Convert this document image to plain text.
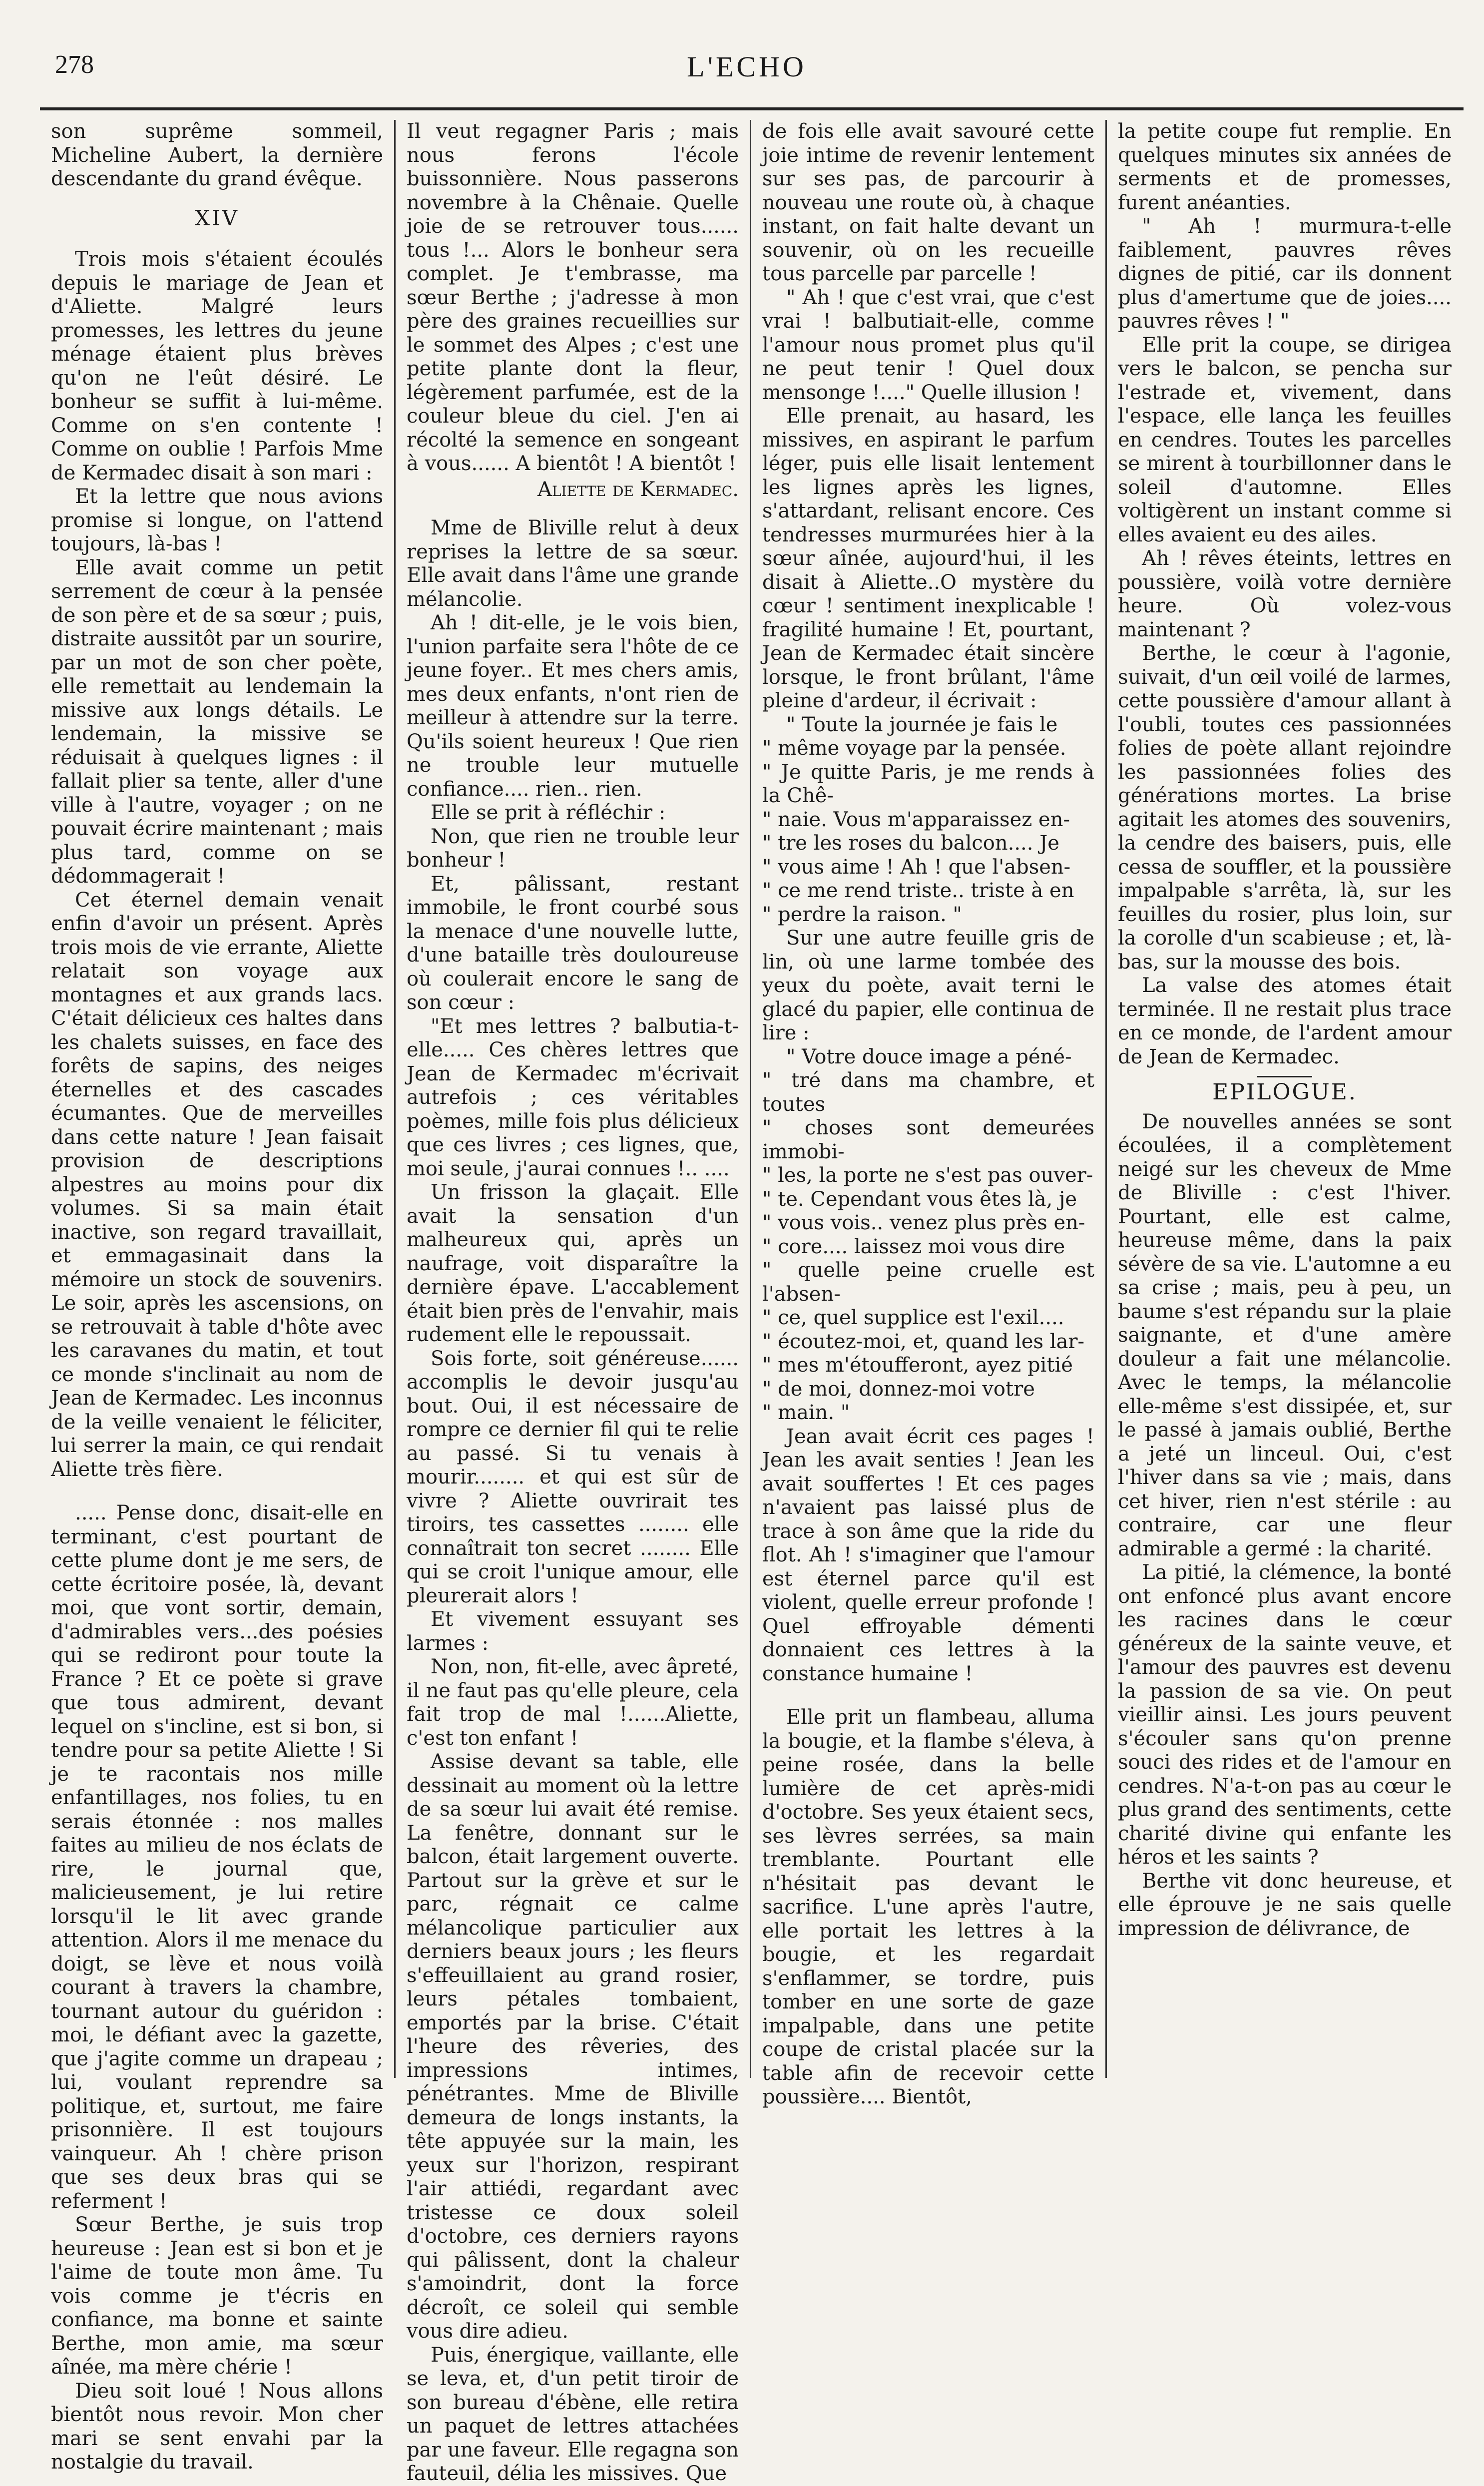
278	L'ECHO

son suprême sommeil, Micheline Aubert, la dernière descendante du grand évêque.

XIV

Trois mois s'étaient écoulés depuis le mariage de Jean et d'Aliette. Malgré leurs promesses, les lettres du jeune ménage étaient plus brèves qu'on ne l'eût désiré. Le bonheur se suffit à lui-même. Comme on s'en contente ! Comme on oublie ! Parfois Mme de Kermadec disait à son mari :

Et la lettre que nous avions promise si longue, on l'attend toujours, là-bas !

Elle avait comme un petit serrement de cœur à la pensée de son père et de sa sœur ; puis, distraite aussitôt par un sourire, par un mot de son cher poète, elle remettait au lendemain la missive aux longs détails. Le lendemain, la missive se réduisait à quelques lignes : il fallait plier sa tente, aller d'une ville à l'autre, voyager ; on ne pouvait écrire maintenant ; mais plus tard, comme on se dédommagerait !

Cet éternel demain venait enfin d'avoir un présent. Après trois mois de vie errante, Aliette relatait son voyage aux montagnes et aux grands lacs. C'était délicieux ces haltes dans les chalets suisses, en face des forêts de sapins, des neiges éternelles et des cascades écumantes. Que de merveilles dans cette nature ! Jean faisait provision de descriptions alpestres au moins pour dix volumes. Si sa main était inactive, son regard travaillait, et emmagasinait dans la mémoire un stock de souvenirs. Le soir, après les ascensions, on se retrouvait à table d'hôte avec les caravanes du matin, et tout ce monde s'inclinait au nom de Jean de Kermadec. Les inconnus de la veille venaient le féliciter, lui serrer la main, ce qui rendait Aliette très fière.

..... Pense donc, disait-elle en terminant, c'est pourtant de cette plume dont je me sers, de cette écritoire posée, là, devant moi, que vont sortir, demain, d'admirables vers...des poésies qui se rediront pour toute la France ? Et ce poète si grave que tous admirent, devant lequel on s'incline, est si bon, si tendre pour sa petite Aliette ! Si je te racontais nos mille enfantillages, nos folies, tu en serais étonnée : nos malles faites au milieu de nos éclats de rire, le journal que, malicieusement, je lui retire lorsqu'il le lit avec grande attention. Alors il me menace du doigt, se lève et nous voilà courant à travers la chambre, tournant autour du guéridon : moi, le défiant avec la gazette, que j'agite comme un drapeau ; lui, voulant reprendre sa politique, et, surtout, me faire prisonnière. Il est toujours vainqueur. Ah ! chère prison que ses deux bras qui se referment !

Sœur Berthe, je suis trop heureuse : Jean est si bon et je l'aime de toute mon âme. Tu vois comme je t'écris en confiance, ma bonne et sainte Berthe, mon amie, ma sœur aînée, ma mère chérie !

Dieu soit loué ! Nous allons bientôt nous revoir. Mon cher mari se sent envahi par la nostalgie du travail.

Il veut regagner Paris ; mais nous ferons l'école buissonnière. Nous passerons novembre à la Chênaie. Quelle joie de se retrouver tous...... tous !... Alors le bonheur sera complet. Je t'embrasse, ma sœur Berthe ; j'adresse à mon père des graines recueillies sur le sommet des Alpes ; c'est une petite plante dont la fleur, légèrement parfumée, est de la couleur bleue du ciel. J'en ai récolté la semence en songeant à vous...... A bientôt ! A bientôt !

Aliette de Kermadec.

Mme de Bliville relut à deux reprises la lettre de sa sœur. Elle avait dans l'âme une grande mélancolie.

Ah ! dit-elle, je le vois bien, l'union parfaite sera l'hôte de ce jeune foyer.. Et mes chers amis, mes deux enfants, n'ont rien de meilleur à attendre sur la terre. Qu'ils soient heureux ! Que rien ne trouble leur mutuelle confiance.... rien.. rien.

Elle se prit à réfléchir :

Non, que rien ne trouble leur bonheur !

Et, pâlissant, restant immobile, le front courbé sous la menace d'une nouvelle lutte, d'une bataille très douloureuse où coulerait encore le sang de son cœur :

"Et mes lettres ? balbutia-t-elle..... Ces chères lettres que Jean de Kermadec m'écrivait autrefois ; ces véritables poèmes, mille fois plus délicieux que ces livres ; ces lignes, que, moi seule, j'aurai connues !.. ....

Un frisson la glaçait. Elle avait la sensation d'un malheureux qui, après un naufrage, voit disparaître la dernière épave. L'accablement était bien près de l'envahir, mais rudement elle le repoussait.

Sois forte, soit généreuse...... accomplis le devoir jusqu'au bout. Oui, il est nécessaire de rompre ce dernier fil qui te relie au passé. Si tu venais à mourir........ et qui est sûr de vivre ? Aliette ouvrirait tes tiroirs, tes cassettes ........ elle connaîtrait ton secret ........ Elle qui se croit l'unique amour, elle pleurerait alors !

Et vivement essuyant ses larmes :

Non, non, fit-elle, avec âpreté, il ne faut pas qu'elle pleure, cela fait trop de mal !......Aliette, c'est ton enfant !

Assise devant sa table, elle dessinait au moment où la lettre de sa sœur lui avait été remise. La fenêtre, donnant sur le balcon, était largement ouverte. Partout sur la grève et sur le parc, régnait ce calme mélancolique particulier aux derniers beaux jours ; les fleurs s'effeuillaient au grand rosier, leurs pétales tombaient, emportés par la brise. C'était l'heure des rêveries, des impressions intimes, pénétrantes. Mme de Bliville demeura de longs instants, la tête appuyée sur la main, les yeux sur l'horizon, respirant l'air attiédi, regardant avec tristesse ce doux soleil d'octobre, ces derniers rayons qui pâlissent, dont la chaleur s'amoindrit, dont la force décroît, ce soleil qui semble vous dire adieu.

Puis, énergique, vaillante, elle se leva, et, d'un petit tiroir de son bureau d'ébène, elle retira un paquet de lettres attachées par une faveur. Elle regagna son fauteuil, délia les missives. Que

de fois elle avait savouré cette joie intime de revenir lentement sur ses pas, de parcourir à nouveau une route où, à chaque instant, on fait halte devant un souvenir, où on les recueille tous parcelle par parcelle !

" Ah ! que c'est vrai, que c'est vrai ! balbutiait-elle, comme l'amour nous promet plus qu'il ne peut tenir ! Quel doux mensonge !...." Quelle illusion !

Elle prenait, au hasard, les missives, en aspirant le parfum léger, puis elle lisait lentement les lignes après les lignes, s'attardant, relisant encore. Ces tendresses murmurées hier à la sœur aînée, aujourd'hui, il les disait à Aliette..O mystère du cœur ! sentiment inexplicable ! fragilité humaine ! Et, pourtant, Jean de Kermadec était sincère lorsque, le front brûlant, l'âme pleine d'ardeur, il écrivait :

" Toute la journée je fais le

" même voyage par la pensée.

" Je quitte Paris, je me rends à la Chê-

" naie. Vous m'apparaissez en-

" tre les roses du balcon.... Je

" vous aime ! Ah ! que l'absen-

" ce me rend triste.. triste à en

" perdre la raison. "

Sur une autre feuille gris de lin, où une larme tombée des yeux du poète, avait terni le glacé du papier, elle continua de lire :

" Votre douce image a péné-

" tré dans ma chambre, et toutes

" choses sont demeurées immobi-

" les, la porte ne s'est pas ouver-

" te. Cependant vous êtes là, je

" vous vois.. venez plus près en-

" core.... laissez moi vous dire

" quelle peine cruelle est l'absen-

" ce, quel supplice est l'exil....

" écoutez-moi, et, quand les lar-

" mes m'étoufferont, ayez pitié

" de moi, donnez-moi votre

" main. "

Jean avait écrit ces pages ! Jean les avait senties ! Jean les avait souffertes ! Et ces pages n'avaient pas laissé plus de trace à son âme que la ride du flot. Ah ! s'imaginer que l'amour est éternel parce qu'il est violent, quelle erreur profonde ! Quel effroyable démenti donnaient ces lettres à la constance humaine !

Elle prit un flambeau, alluma la bougie, et la flambe s'éleva, à peine rosée, dans la belle lumière de cet après-midi d'octobre. Ses yeux étaient secs, ses lèvres serrées, sa main tremblante. Pourtant elle n'hésitait pas devant le sacrifice. L'une après l'autre, elle portait les lettres à la bougie, et les regardait s'enflammer, se tordre, puis tomber en une sorte de gaze impalpable, dans une petite coupe de cristal placée sur la table afin de recevoir cette poussière.... Bientôt,

la petite coupe fut remplie. En quelques minutes six années de serments et de promesses, furent anéanties.

" Ah ! murmura-t-elle faiblement, pauvres rêves dignes de pitié, car ils donnent plus d'amertume que de joies.... pauvres rêves ! "

Elle prit la coupe, se dirigea vers le balcon, se pencha sur l'estrade et, vivement, dans l'espace, elle lança les feuilles en cendres. Toutes les parcelles se mirent à tourbillonner dans le soleil d'automne. Elles voltigèrent un instant comme si elles avaient eu des ailes.

Ah ! rêves éteints, lettres en poussière, voilà votre dernière heure. Où volez-vous maintenant ?

Berthe, le cœur à l'agonie, suivait, d'un œil voilé de larmes, cette poussière d'amour allant à l'oubli, toutes ces passionnées folies de poète allant rejoindre les passionnées folies des générations mortes. La brise agitait les atomes des souvenirs, la cendre des baisers, puis, elle cessa de souffler, et la poussière impalpable s'arrêta, là, sur les feuilles du rosier, plus loin, sur la corolle d'un scabieuse ; et, là-bas, sur la mousse des bois.

La valse des atomes était terminée. Il ne restait plus trace en ce monde, de l'ardent amour de Jean de Kermadec.

EPILOGUE.

De nouvelles années se sont écoulées, il a complètement neigé sur les cheveux de Mme de Bliville : c'est l'hiver. Pourtant, elle est calme, heureuse même, dans la paix sévère de sa vie. L'automne a eu sa crise ; mais, peu à peu, un baume s'est répandu sur la plaie saignante, et d'une amère douleur a fait une mélancolie. Avec le temps, la mélancolie elle-même s'est dissipée, et, sur le passé à jamais oublié, Berthe a jeté un linceul. Oui, c'est l'hiver dans sa vie ; mais, dans cet hiver, rien n'est stérile : au contraire, car une fleur admirable a germé : la charité.

La pitié, la clémence, la bonté ont enfoncé plus avant encore les racines dans le cœur généreux de la sainte veuve, et l'amour des pauvres est devenu la passion de sa vie. On peut vieillir ainsi. Les jours peuvent s'écouler sans qu'on prenne souci des rides et de l'amour en cendres. N'a-t-on pas au cœur le plus grand des sentiments, cette charité divine qui enfante les héros et les saints ?

Berthe vit donc heureuse, et elle éprouve je ne sais quelle impression de délivrance, de
